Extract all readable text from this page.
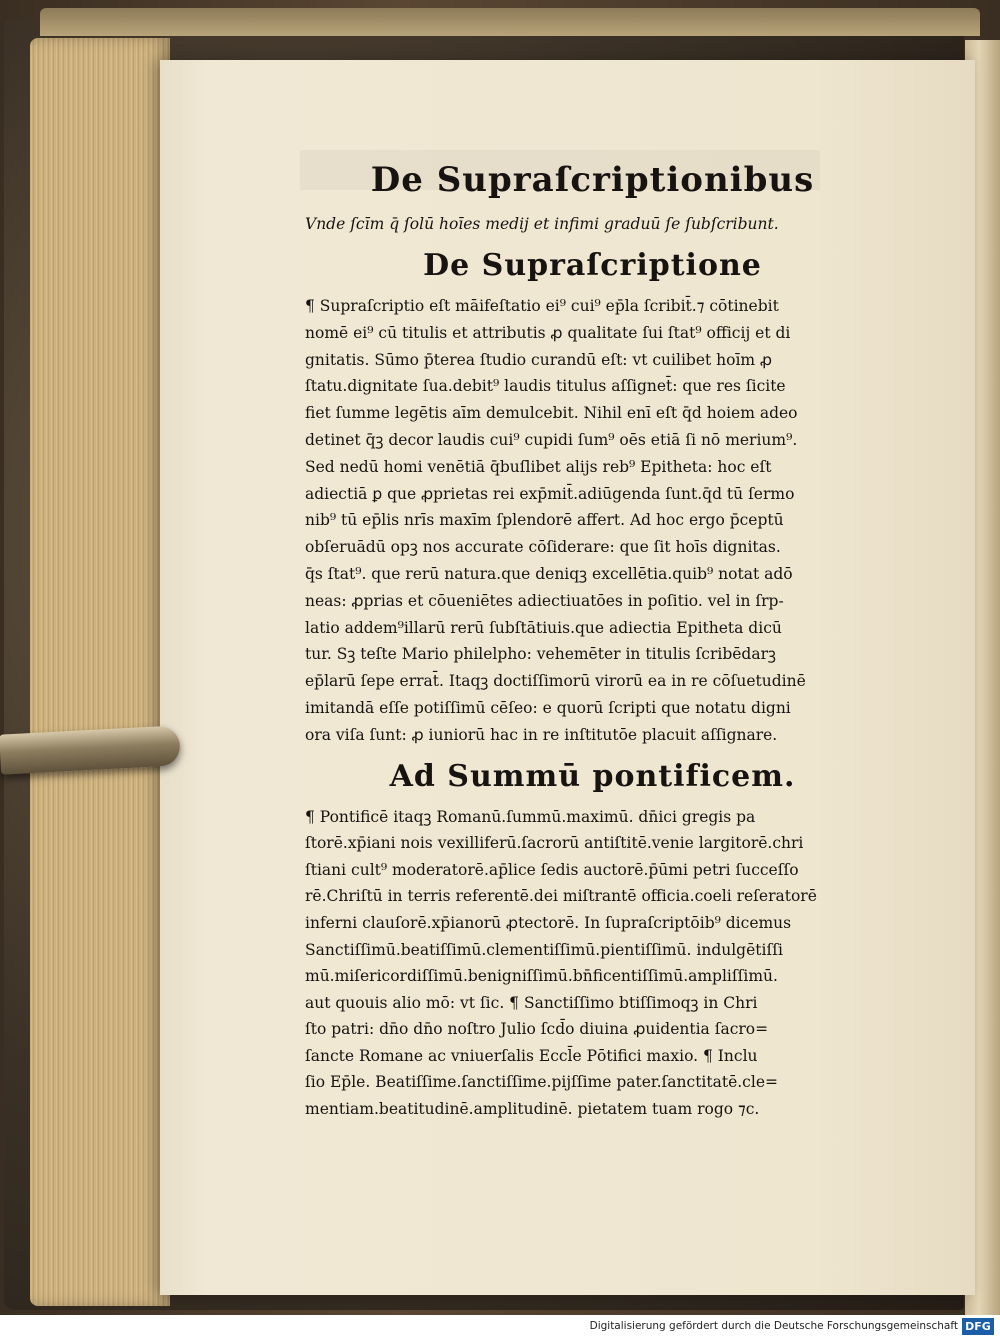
De Supraſcriptionibus
Vnde ſcīm q̄ ſolū hoīes medij et infimi graduū ſe ſubſcribunt.
De Supraſcriptione
¶ Supraſcriptio eſt māifeſtatio ei⁹ cui⁹ ep̄la ſcribit̄.⁊ cōtinebit
nomē ei⁹ cū titulis et attributis ꝓ qualitate ſui ſtat⁹ officij et di
gnitatis. Sūmo p̄terea ſtudio curandū eſt: vt cuilibet hoīm ꝓ
ſtatu.dignitate ſua.debit⁹ laudis titulus aſſignet̄: que res ſicite
fiet ſumme legētis aīm demulcebit. Nihil enī eſt q̄d hoiem adeo
detinet q̄ꝫ decor laudis cui⁹ cupidi ſum⁹ oēs etiā ſi nō merium⁹.
Sed nedū homi venētiā q̄buſlibet alijs reb⁹ Epitheta: hoc eſt
adiectiā ꝑ que ꝓprietas rei exp̄mit̄.adiūgenda ſunt.q̄d tū ſermo
nib⁹ tū ep̄lis nrīs maxīm ſplendorē affert. Ad hoc ergo p̄ceptū
obſeruādū opꝫ nos accurate cōſiderare: que ſit hoīs dignitas.
q̄s ſtat⁹. que rerū natura.que deniqꝫ excellētia.quib⁹ notat adō
neas: ꝓprias et cōueniētes adiectiuatōes in poſitio. vel in ſrp-
latio addem⁹illarū rerū ſubſtātiuis.que adiectia Epitheta dicū
tur. Sꝫ teſte Mario philelpho: vehemēter in titulis ſcribēdarꝫ
ep̄larū ſepe errat̄. Itaqꝫ doctiſſimorū virorū ea in re cōſuetudinē
imitandā eſſe potiſſimū cēſeo: e quorū ſcripti̇ que notatu digni
ora viſa ſunt: ꝓ iuniorū hac in re inſtitutōe placuit aſſignare.
Ad Summū pontificem.
¶ Pontificē itaqꝫ Romanū.ſummū.maximū. dn̄ici gregis pa
ſtorē.xp̄iani nois vexilliferū.ſacrorū antiſtitē.venie largitorē.chri
ſtiani cult⁹ moderatorē.ap̄lice ſedis auctorē.p̄ūmi petri ſucceſſo
rē.Chriſtū in terris referentē.dei miſtrantē officia.coeli reſeratorē
inferni clauſorē.xp̄ianorū ꝓtectorē. In ſupraſcriptōib⁹ dicemus
Sanctiſſimū.beatiſſimū.clementiſſimū.pientiſſimū. indulgētiſſi
mū.miſericordiſſimū.benigniſſimū.bn̄ficentiſſimū.ampliſſimū.
aut quouis alio mō: vt ſic. ¶ Sanctiſſimo btiſſimoqꝫ in Chri
ſto patri: dn̄o dn̄o noſtro Julio ſcd̄o diuina ꝓuidentia ſacro=
ſancte Romane ac vniuerſalis Eccl̄e Pōtifici maxio. ¶ Inclu
ſio Ep̄le. Beatiſſime.ſanctiſſime.pijſſime pater.ſanctitatē.cle=
mentiam.beatitudinē.amplitudinē. pietatem tuam rogo ⁊c.
Digitalisierung gefördert durch die Deutsche Forschungsgemeinschaft DFG
